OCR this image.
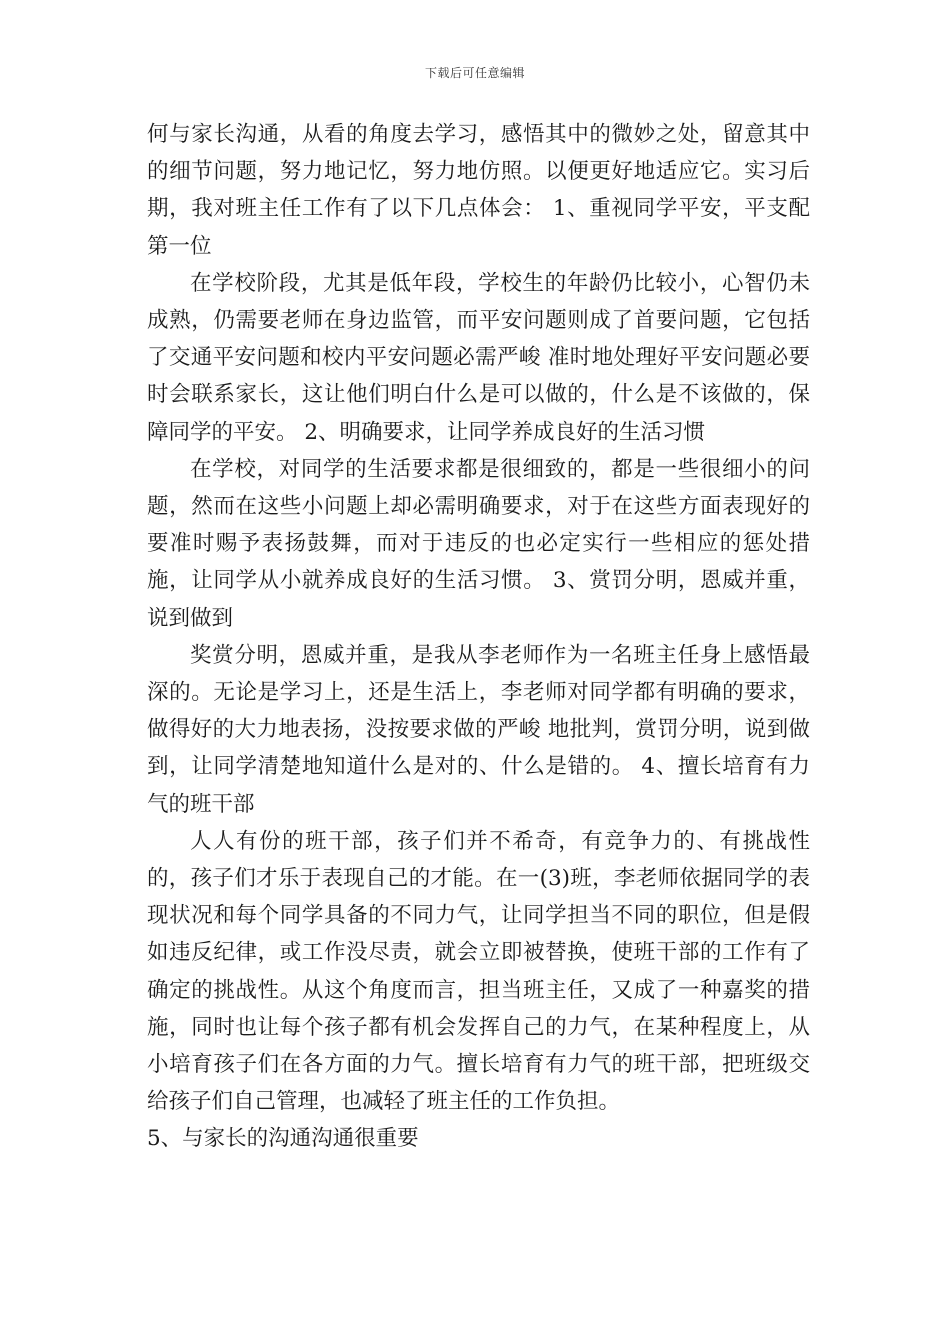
下载后可任意编辑

何与家长沟通，从看的角度去学习，感悟其中的微妙之处，留意其中的细节问题，努力地记忆，努力地仿照。以便更好地适应它。实习后期，我对班主任工作有了以下几点体会： 1、重视同学平安，平支配第一位

在学校阶段，尤其是低年段，学校生的年龄仍比较小，心智仍未成熟，仍需要老师在身边监管，而平安问题则成了首要问题，它包括了交通平安问题和校内平安问题必需严峻 准时地处理好平安问题必要时会联系家长，这让他们明白什么是可以做的，什么是不该做的，保障同学的平安。 2、明确要求，让同学养成良好的生活习惯

在学校，对同学的生活要求都是很细致的，都是一些很细小的问题，然而在这些小问题上却必需明确要求，对于在这些方面表现好的要准时赐予表扬鼓舞，而对于违反的也必定实行一些相应的惩处措施，让同学从小就养成良好的生活习惯。 3、赏罚分明，恩威并重，说到做到

奖赏分明，恩威并重，是我从李老师作为一名班主任身上感悟最深的。无论是学习上，还是生活上，李老师对同学都有明确的要求，做得好的大力地表扬，没按要求做的严峻 地批判，赏罚分明，说到做到，让同学清楚地知道什么是对的、什么是错的。 4、擅长培育有力气的班干部

人人有份的班干部，孩子们并不希奇，有竞争力的、有挑战性的，孩子们才乐于表现自己的才能。在一(3)班，李老师依据同学的表现状况和每个同学具备的不同力气，让同学担当不同的职位，但是假如违反纪律，或工作没尽责，就会立即被替换，使班干部的工作有了确定的挑战性。从这个角度而言，担当班主任，又成了一种嘉奖的措施，同时也让每个孩子都有机会发挥自己的力气，在某种程度上，从小培育孩子们在各方面的力气。擅长培育有力气的班干部，把班级交给孩子们自己管理，也减轻了班主任的工作负担。

5、与家长的沟通沟通很重要
